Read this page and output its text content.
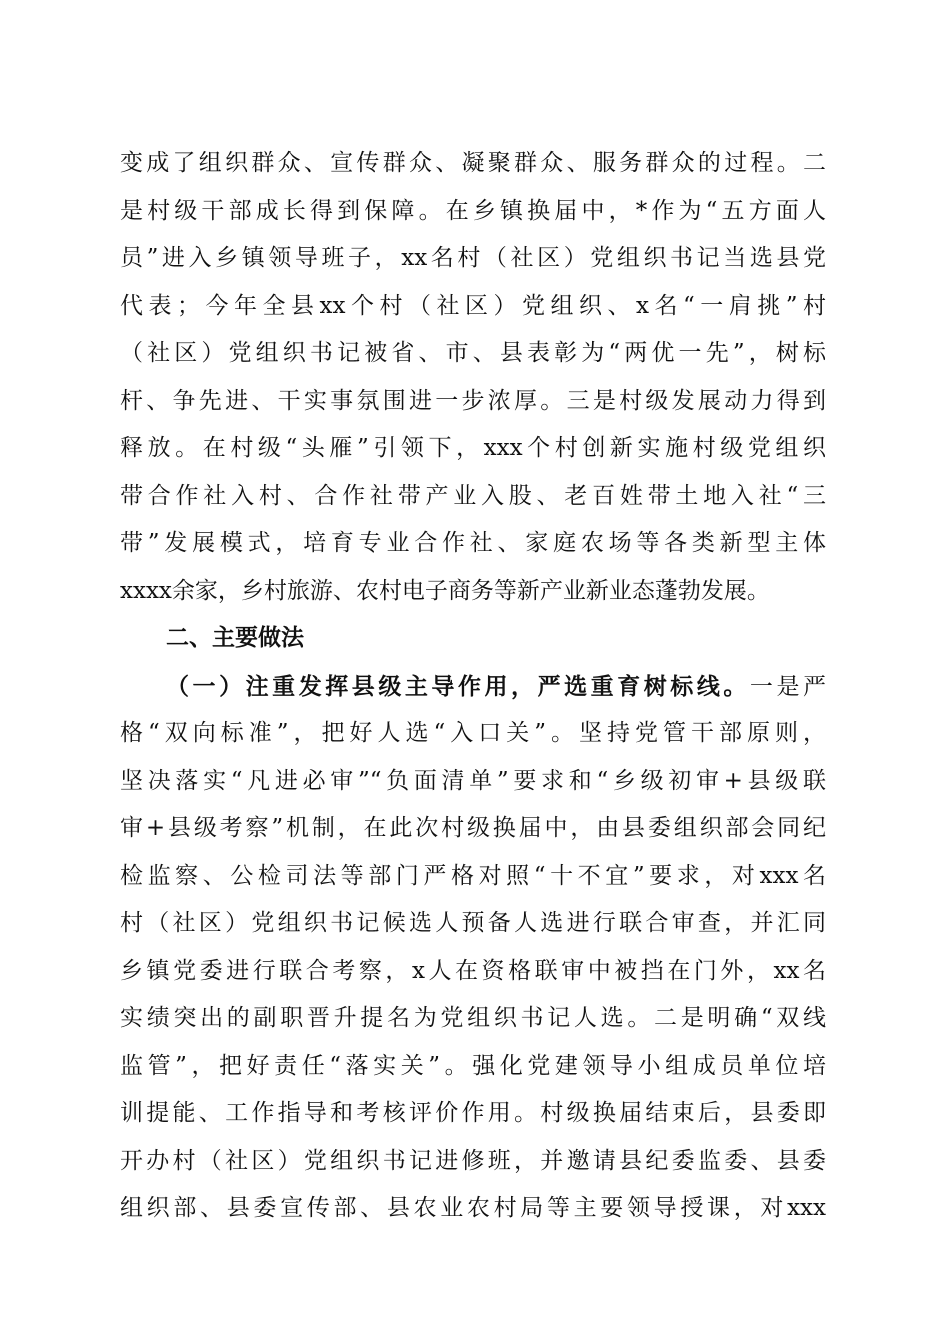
变成了组织群众、宣传群众、凝聚群众、服务群众的过程。二
是村级干部成长得到保障。在乡镇换届中，*作为“五方面人
员”进入乡镇领导班子，xx名村（社区）党组织书记当选县党
代表；今年全县xx个村（社区）党组织、x名“一肩挑”村
（社区）党组织书记被省、市、县表彰为“两优一先”，树标
杆、争先进、干实事氛围进一步浓厚。三是村级发展动力得到
释放。在村级“头雁”引领下，xxx个村创新实施村级党组织
带合作社入村、合作社带产业入股、老百姓带土地入社“三
带”发展模式，培育专业合作社、家庭农场等各类新型主体
xxxx余家，乡村旅游、农村电子商务等新产业新业态蓬勃发展。
二、主要做法
（一）注重发挥县级主导作用，严选重育树标线。一是严
格“双向标准”，把好人选“入口关”。坚持党管干部原则，
坚决落实“凡进必审”“负面清单”要求和“乡级初审+县级联
审+县级考察”机制，在此次村级换届中，由县委组织部会同纪
检监察、公检司法等部门严格对照“十不宜”要求，对xxx名
村（社区）党组织书记候选人预备人选进行联合审查，并汇同
乡镇党委进行联合考察，x人在资格联审中被挡在门外，xx名
实绩突出的副职晋升提名为党组织书记人选。二是明确“双线
监管”，把好责任“落实关”。强化党建领导小组成员单位培
训提能、工作指导和考核评价作用。村级换届结束后，县委即
开办村（社区）党组织书记进修班，并邀请县纪委监委、县委
组织部、县委宣传部、县农业农村局等主要领导授课，对xxx
